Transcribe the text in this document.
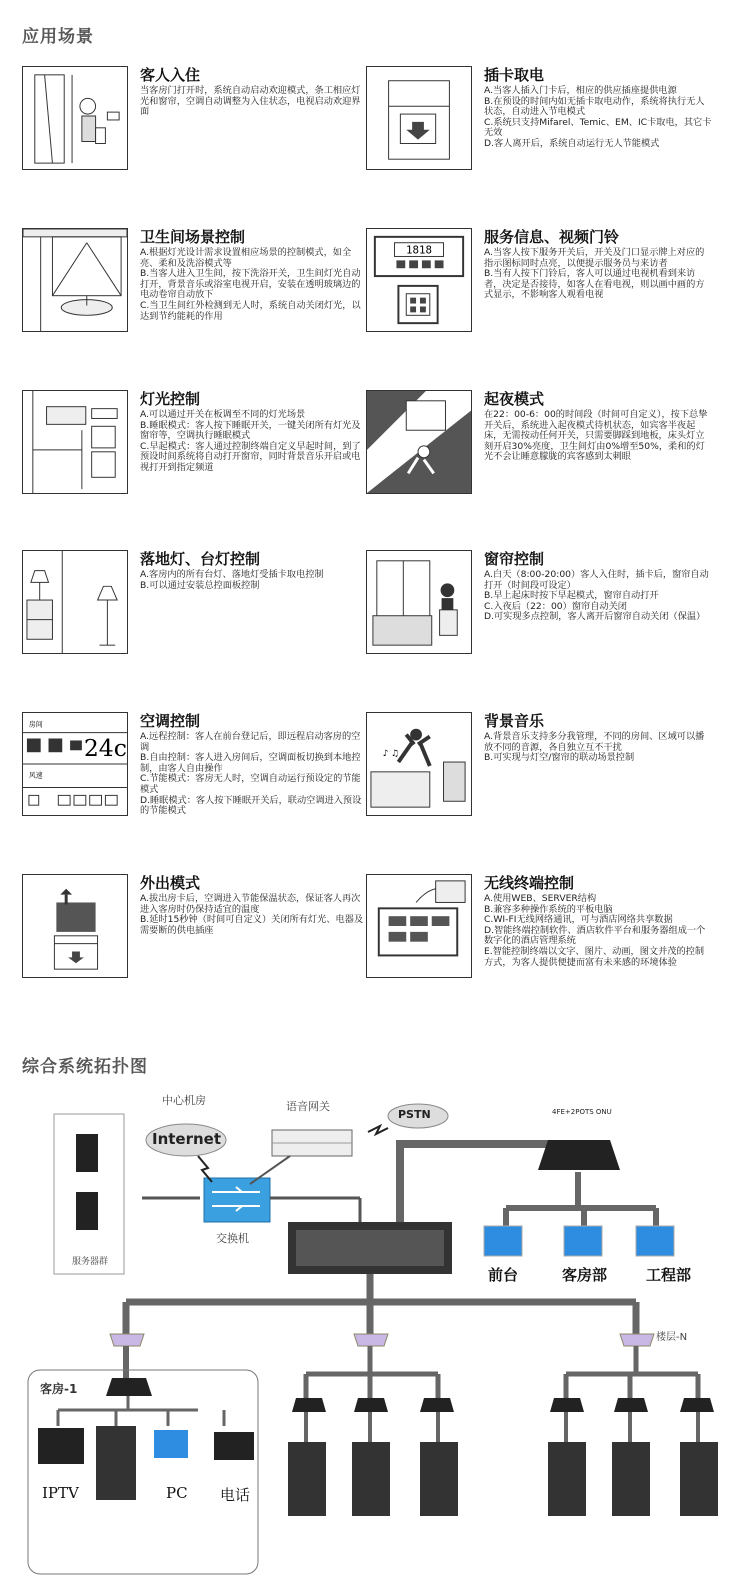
应用场景
客人入住
当客房门打开时，系统自动启动欢迎模式，条工相应灯光和窗帘，空调自动调整为入住状态，电视启动欢迎界面
插卡取电
A.当客人插入门卡后，相应的供应插座提供电源
B.在预设的时间内如无插卡取电动作，系统将执行无人状态，自动进入节电模式
C.系统只支持Mifarel、Temic、EM、IC卡取电，其它卡无效
D.客人离开后，系统自动运行无人节能模式
卫生间场景控制
A.根据灯光设计需求设置相应场景的控制模式，如全亮、柔和及洗浴模式等
B.当客人进入卫生间，按下洗浴开关，卫生间灯光自动打开，背景音乐或浴室电视开启，安装在透明玻璃边的电动卷帘自动放下
C.当卫生间红外检测到无人时，系统自动关闭灯光，以达到节约能耗的作用
1818
服务信息、视频门铃
A.当客人按下服务开关后，开关及门口显示牌上对应的指示图标同时点亮，以便提示服务员与来访者
B.当有人按下门铃后，客人可以通过电视机看到来访者，决定是否接待，如客人在看电视，则以画中画的方式显示，不影响客人观看电视
灯光控制
A.可以通过开关在板调至不同的灯光场景
B.睡眠模式：客人按下睡眠开关，一键关闭所有灯光及窗帘等，空调执行睡眠模式
C.早起模式：客人通过控制终端自定义早起时间，到了预设时间系统将自动打开窗帘，同时背景音乐开启或电视打开到指定频道
起夜模式
在22：00-6：00的时间段（时间可自定义），按下总挚开关后，系统进入起夜模式待机状态，如宾客半夜起床，无需按动任何开关，只需要脚踩到地板，床头灯立刻开启30%亮度，卫生间灯由0%增至50%，柔和的灯光不会让睡意朦胧的宾客感到太刺眼
落地灯、台灯控制
A.客房内的所有台灯、落地灯受插卡取电控制
B.可以通过安装总控面板控制
窗帘控制
A.白天（8:00-20:00）客人入住时，插卡后，窗帘自动打开（时间段可设定）
B.早上起床时按下早起模式，窗帘自动打开
C.入夜后（22：00）窗帘自动关闭
D.可实现多点控制，客人离开后窗帘自动关闭（保温）
房间
24c
风速
空调控制
A.远程控制：客人在前台登记后，即远程启动客房的空调
B.自由控制：客人进入房间后，空调面板切换到本地控制，由客人自由操作
C.节能模式：客房无人时，空调自动运行预设定的节能模式
D.睡眠模式：客人按下睡眠开关后，联动空调进入预设的节能模式
♪ ♫
背景音乐
A.背景音乐支持多分我管理，不同的房间、区域可以播放不同的音源，各自独立互不干扰
B.可实现与灯空/窗帘的联动场景控制
外出模式
A.拔出房卡后，空调进入节能保温状态，保证客人再次进入客房时仍保持适宜的温度
B.延时15秒钟（时间可自定义）关闭所有灯光、电器及需要断的供电插座
无线终端控制
A.使用WEB、SERVER结构
B.兼容多种操作系统的平板电脑
C.WI-FI无线网络通讯，可与酒店网络共享数据
D.智能终端控制软件、酒店软件平台和服务器组成一个数字化的酒店管理系统
E.智能控制终端以文字、图片、动画，图文并茂的控制方式，为客人提供便捷而富有未来感的环境体验
综合系统拓扑图
中心机房	语音网关
Internet
PSTN	4FE+2POTS ONU
交换机
服务器群
前台	客房部	工程部
楼层-N
客房-1
IPTV	PC 电话
